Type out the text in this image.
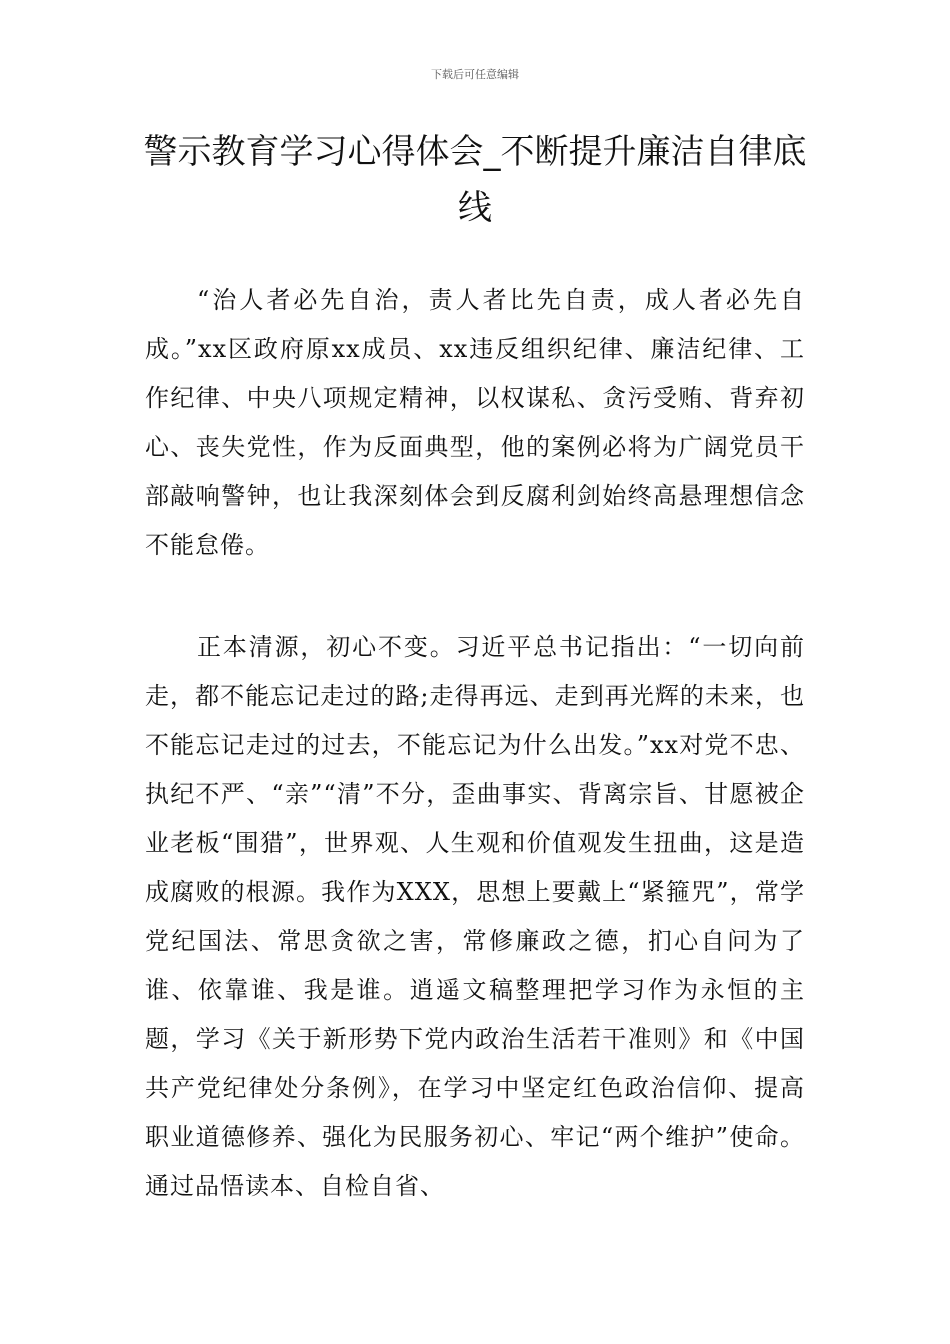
下载后可任意编辑
警示教育学习心得体会_不断提升廉洁自律底线

“治人者必先自治，责人者比先自责，成人者必先自成。”xx区政府原xx成员、xx违反组织纪律、廉洁纪律、工作纪律、中央八项规定精神，以权谋私、贪污受贿、背弃初心、丧失党性，作为反面典型，他的案例必将为广阔党员干部敲响警钟，也让我深刻体会到反腐利剑始终高悬理想信念不能怠倦。

正本清源，初心不变。习近平总书记指出：“一切向前走，都不能忘记走过的路;走得再远、走到再光辉的未来，也不能忘记走过的过去，不能忘记为什么出发。”xx对党不忠、执纪不严、“亲”“清”不分，歪曲事实、背离宗旨、甘愿被企业老板“围猎”，世界观、人生观和价值观发生扭曲，这是造成腐败的根源。我作为XXX，思想上要戴上“紧箍咒”，常学党纪国法、常思贪欲之害，常修廉政之德，扪心自问为了谁、依靠谁、我是谁。逍遥文稿整理把学习作为永恒的主题，学习《关于新形势下党内政治生活若干准则》和《中国共产党纪律处分条例》，在学习中坚定红色政治信仰、提高职业道德修养、强化为民服务初心、牢记“两个维护”使命。通过品悟读本、自检自省、
